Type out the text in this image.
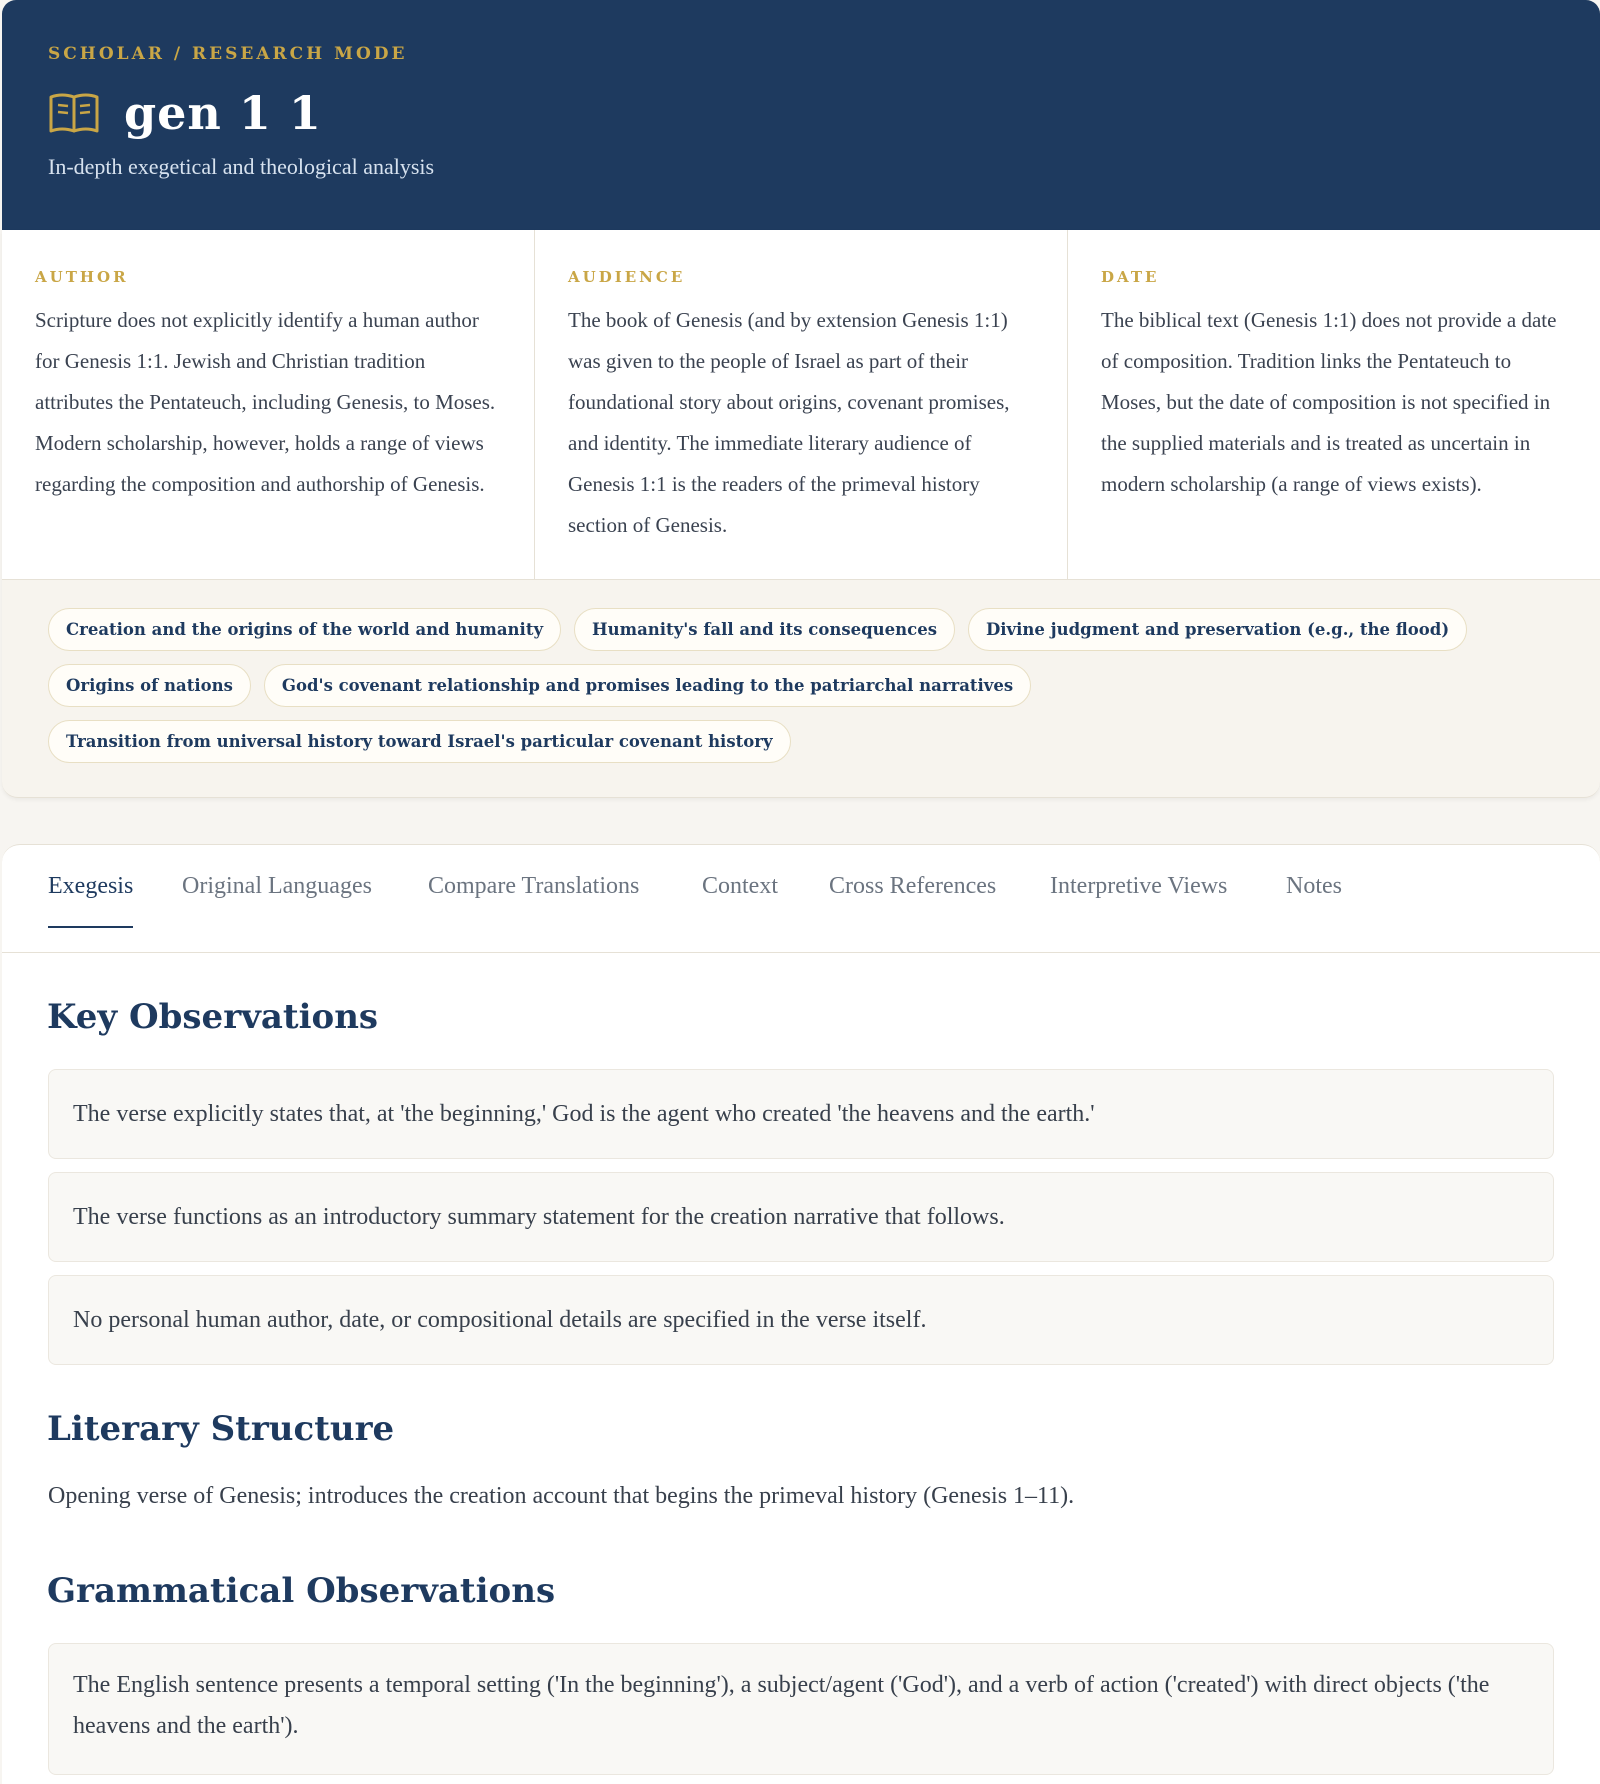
SCHOLAR / RESEARCH MODE
gen 1 1
In-depth exegetical and theological analysis
AUTHOR
Scripture does not explicitly identify a human author for Genesis 1:1. Jewish and Christian tradition attributes the Pentateuch, including Genesis, to Moses. Modern scholarship, however, holds a range of views regarding the composition and authorship of Genesis.
AUDIENCE
The book of Genesis (and by extension Genesis 1:1) was given to the people of Israel as part of their foundational story about origins, covenant promises, and identity. The immediate literary audience of Genesis 1:1 is the readers of the primeval history section of Genesis.
DATE
The biblical text (Genesis 1:1) does not provide a date of composition. Tradition links the Pentateuch to Moses, but the date of composition is not specified in the supplied materials and is treated as uncertain in modern scholarship (a range of views exists).
Creation and the origins of the world and humanity	Humanity's fall and its consequences	Divine judgment and preservation (e.g., the flood)
Origins of nations	God's covenant relationship and promises leading to the patriarchal narratives
Transition from universal history toward Israel's particular covenant history
Exegesis Original Languages Compare Translations	Context Cross References Interpretive Views Notes
Key Observations
The verse explicitly states that, at 'the beginning,' God is the agent who created 'the heavens and the earth.'
The verse functions as an introductory summary statement for the creation narrative that follows.
No personal human author, date, or compositional details are specified in the verse itself.
Literary Structure
Opening verse of Genesis; introduces the creation account that begins the primeval history (Genesis 1–11).
Grammatical Observations
The English sentence presents a temporal setting ('In the beginning'), a subject/agent ('God'), and a verb of action ('created') with direct objects ('the heavens and the earth').
